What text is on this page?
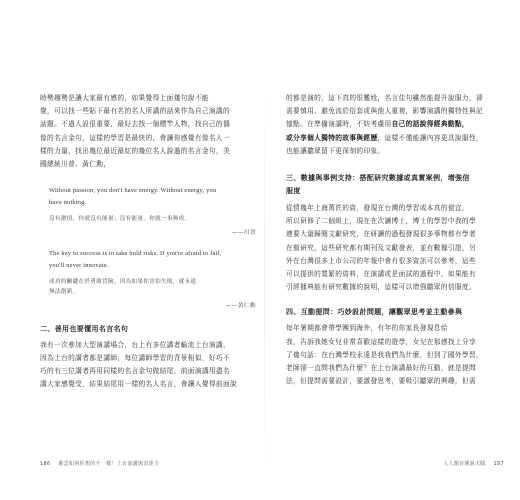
時勢趨勢是讓大家最有感的，如果覺得上面幾句說不能
覺，可以找一些貼下最有名的名人所講的話來作為自己演講的
話題。不過人設很重要，最好去找一個標竿人物，找自己的偶
像的名言金句，這樣的學習是最快的，會讓你感覺有像名人一
樣的力量，找出幾位最近最紅的幾位名人說過的名言金句，美
國總統川普、黃仁勳，

Without passion, you don't have energy. Without energy, you
have nothing.

沒有激情，你就沒有能量；沒有能量，你就一事無成。

——川普

The key to success is to take bold risks. If you're afraid to fail,
you'll never innovate.

成功的關鍵在於勇敢冒險，因為如果你害怕失敗，就永遠
無法創新。

——黃仁勳

二、善用也要懂用名言名句

我有一次參加大型演講場合，台上有多位講者輪流上台演講，
因為上台的講者都是講師，每位講師學習的背景相似，好巧不
巧的有三位講者再用同樣的名言金句做結尾，前面演講用盡名
講大家感覺受，結果結尾用一樣的名人名言，會讓人覺得前面說

的都是演的，這下真的很尷尬，名言佳句雖然能提升說服力，卻
需要慎用，避免流於俗套或與他人重複，影響演講的獨特性與記
憶點。在準備演講時，不妨考慮用自己的話說得經典動點，
或分享個人獨特的故事與經歷，這樣不僅能讓內容更具說服性，
也能讓聽眾留下更深刻的印象。

三、數據與事例支持：搭配研究數據或真實案例，增強信
服度

從情幾年上海萬匠的資，發現在台灣的學習或本真的便宜，
所以研修了二個組上，現在在次讀博士，博士的學習中我的學
連要大量歸閱文獻研究，在研讀的過程發現很多事物都有學者
在做研究，這些研究都有期刊及文獻發表，並有數據引證，另
外在台灣很多上市公司的年報中會有很多資訊可以參考，這些
可以提供的寬緊的資料，在演講或是面試的過程中，如果能有
引經據典能有研究數據的說明，這樣可以增強聽眾的信服度。

四、互動提問：巧妙設計問題，讓觀眾思考並主動參與

每年暑期都會帶學團到海外，有年的你家長發現息給
我，告訴我她女兒非常喜歡這樣的遊學，女兒在那感找上分享
了幾句話：在台灣學校永遠是我我們為什麼，但到了國外學習，
老師卻一直問我們為什麼？在上台演講最好的互動，就是提問
法，但提問需要設計，要激發思考，要吸引聽眾的興趣，但需

186 紫雲如何你想的不一樣！上台演講與表達力	人人都有開說天賦 187
